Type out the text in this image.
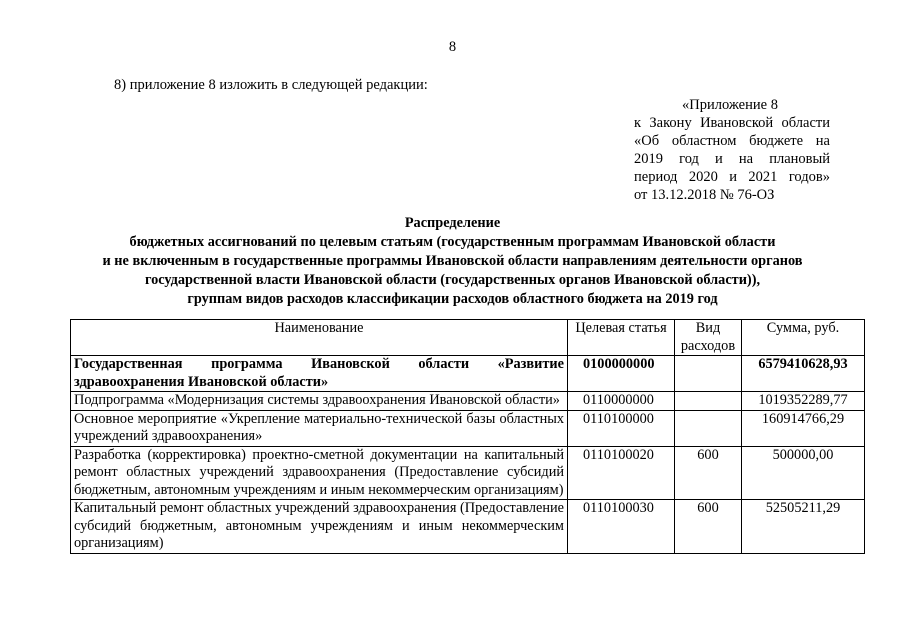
8
8) приложение 8 изложить в следующей редакции:
«Приложение 8
к Закону Ивановской области
«Об областном бюджете на
2019 год и на плановый
период 2020 и 2021 годов»
от 13.12.2018 № 76-ОЗ
Распределение
бюджетных ассигнований по целевым статьям (государственным программам Ивановской области
и не включенным в государственные программы Ивановской области направлениям деятельности органов
государственной власти Ивановской области (государственных органов Ивановской области)),
группам видов расходов классификации расходов областного бюджета на 2019 год
Наименование	Целевая статья	Вид расходов	Сумма, руб.
Государственная программа Ивановской области «Развитие здравоохранения Ивановской области»	0100000000		6579410628,93
Подпрограмма «Модернизация системы здравоохранения Ивановской области»	0110000000		1019352289,77
Основное мероприятие «Укрепление материально-технической базы областных учреждений здравоохранения»	0110100000		160914766,29
Разработка (корректировка) проектно-сметной документации на капитальный ремонт областных учреждений здравоохранения (Предоставление субсидий бюджетным, автономным учреждениям и иным некоммерческим организациям)	0110100020	600	500000,00
Капитальный ремонт областных учреждений здравоохранения (Предоставление субсидий бюджетным, автономным учреждениям и иным некоммерческим организациям)	0110100030	600	52505211,29
